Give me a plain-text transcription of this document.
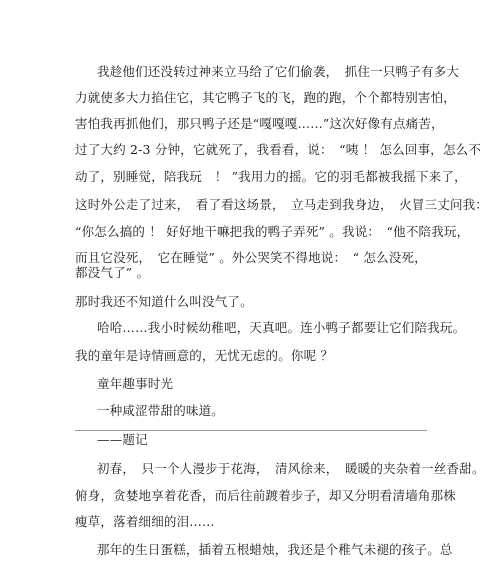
我趁他们还没转过神来立马给了它们偷袭，　抓住一只鸭子有多大
力就使多大力掐住它，其它鸭子飞的飞，跑的跑，个个都特别害怕，
害怕我再抓他们，那只鸭子还是“嘎嘎嘎……”这次好像有点痛苦，
过了大约 2-3 分钟，它就死了，我看看，说：　“咦 ！ 怎么回事，怎么不
动了，别睡觉，陪我玩　！ ”我用力的摇。它的羽毛都被我摇下来了，
这时外公走了过来，　看了看这场景，　立马走到我身边，　火冒三丈问我：
“你怎么搞的 ！ 好好地干嘛把我的鸭子弄死” 。我说：　“他不陪我玩，
而且它没死，　它在睡觉” 。外公哭笑不得地说：　“ 怎么没死，
都没气了” 。
那时我还不知道什么叫没气了。
哈哈……我小时候幼稚吧，天真吧。连小鸭子都要让它们陪我玩。
我的童年是诗情画意的，无忧无虑的。你呢 ？
童年趣事时光
一种咸涩带甜的味道。
——题记
初春，　只一个人漫步于花海，　清风徐来，　暖暖的夹杂着一丝香甜。
俯身，贪婪地享着花香，而后往前踱着步子，却又分明看清墙角那株
瘦草，落着细细的泪……
那年的生日蛋糕，插着五根蜡烛，我还是个稚气未褪的孩子。总
